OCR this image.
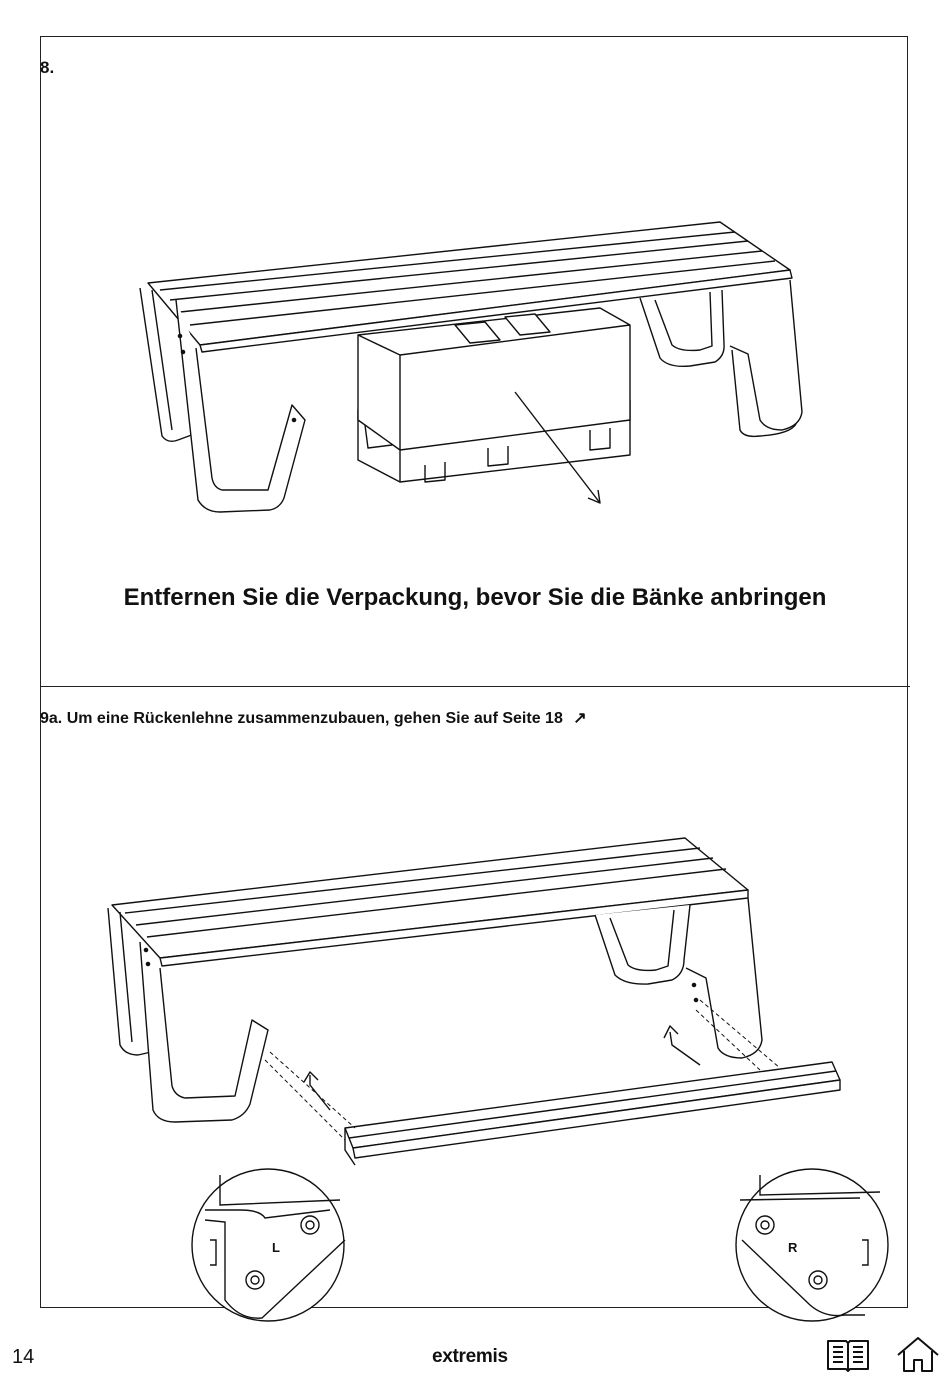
8.
Entfernen Sie die Verpackung, bevor Sie die Bänke anbringen
9a. Um eine Rückenlehne zusammenzubauen, gehen Sie auf Seite 18 ↗
L	R
14	extremis
